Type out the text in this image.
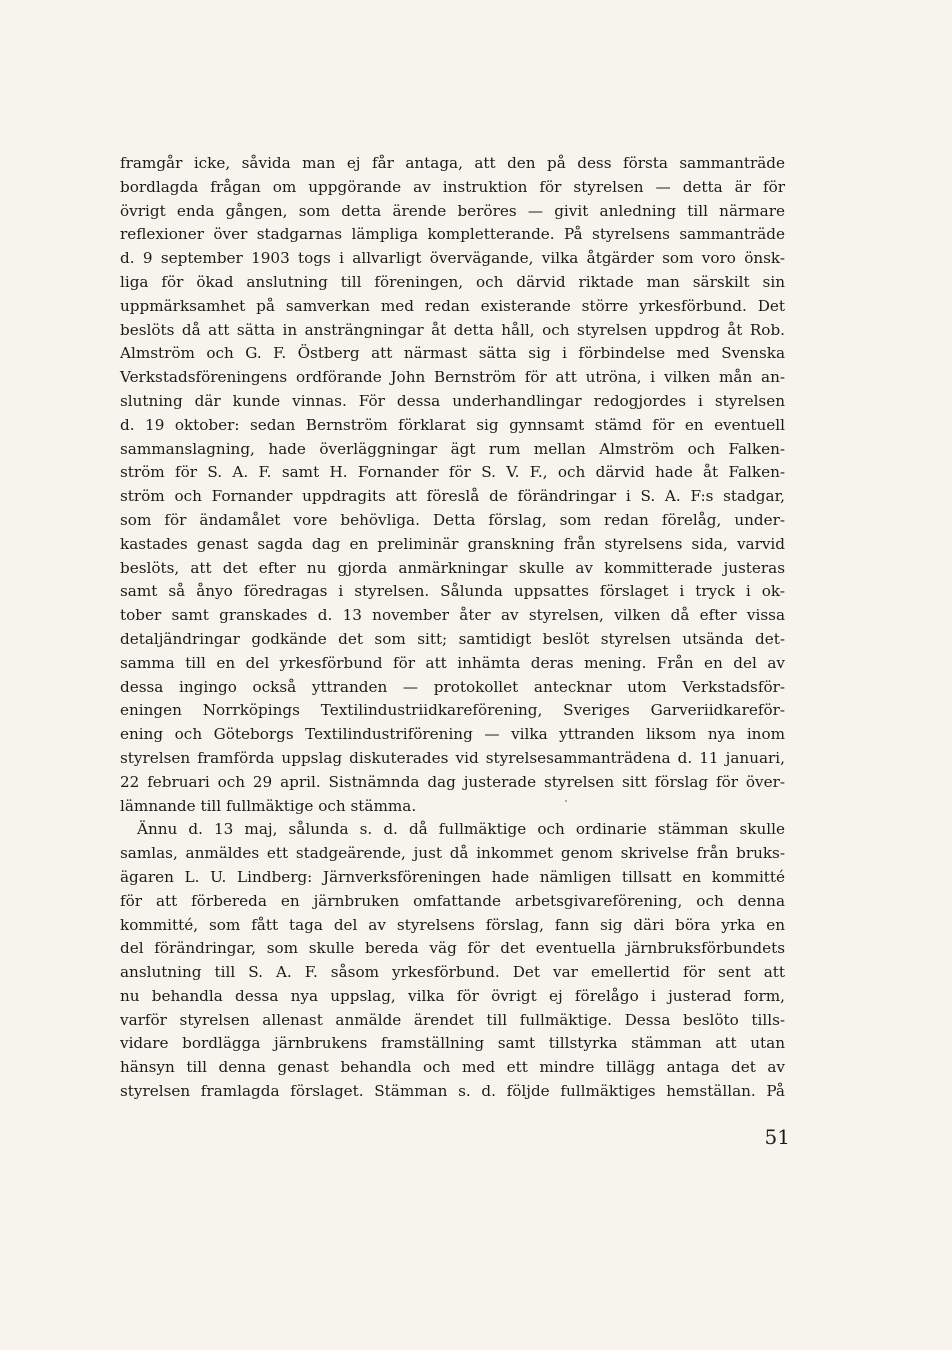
framgår icke, såvida man ej får antaga, att den på dess första sammanträde
bordlagda frågan om uppgörande av instruktion för styrelsen — detta är för
övrigt enda gången, som detta ärende beröres — givit anledning till närmare
reflexioner över stadgarnas lämpliga kompletterande. På styrelsens sammanträde
d. 9 september 1903 togs i allvarligt övervägande, vilka åtgärder som voro önsk-
liga för ökad anslutning till föreningen, och därvid riktade man särskilt sin
uppmärksamhet på samverkan med redan existerande större yrkesförbund. Det
beslöts då att sätta in ansträngningar åt detta håll, och styrelsen uppdrog åt Rob.
Almström och G. F. Östberg att närmast sätta sig i förbindelse med Svenska
Verkstadsföreningens ordförande John Bernström för att utröna, i vilken mån an-
slutning där kunde vinnas. För dessa underhandlingar redogjordes i styrelsen
d. 19 oktober: sedan Bernström förklarat sig gynnsamt stämd för en eventuell
sammanslagning, hade överläggningar ägt rum mellan Almström och Falken-
ström för S. A. F. samt H. Fornander för S. V. F., och därvid hade åt Falken-
ström och Fornander uppdragits att föreslå de förändringar i S. A. F:s stadgar,
som för ändamålet vore behövliga. Detta förslag, som redan förelåg, under-
kastades genast sagda dag en preliminär granskning från styrelsens sida, varvid
beslöts, att det efter nu gjorda anmärkningar skulle av kommitterade justeras
samt så ånyo föredragas i styrelsen. Sålunda uppsattes förslaget i tryck i ok-
tober samt granskades d. 13 november åter av styrelsen, vilken då efter vissa
detaljändringar godkände det som sitt; samtidigt beslöt styrelsen utsända det-
samma till en del yrkesförbund för att inhämta deras mening. Från en del av
dessa ingingo också yttranden — protokollet antecknar utom Verkstadsför-
eningen Norrköpings Textilindustriidkareförening, Sveriges Garveriidkareför-
ening och Göteborgs Textilindustriförening — vilka yttranden liksom nya inom
styrelsen framförda uppslag diskuterades vid styrelsesammanträdena d. 11 januari,
22 februari och 29 april. Sistnämnda dag justerade styrelsen sitt förslag för över-
lämnande till fullmäktige och stämma.
Ännu d. 13 maj, sålunda s. d. då fullmäktige och ordinarie stämman skulle
samlas, anmäldes ett stadgeärende, just då inkommet genom skrivelse från bruks-
ägaren L. U. Lindberg: Järnverksföreningen hade nämligen tillsatt en kommitté
för att förbereda en järnbruken omfattande arbetsgivareförening, och denna
kommitté, som fått taga del av styrelsens förslag, fann sig däri böra yrka en
del förändringar, som skulle bereda väg för det eventuella järnbruksförbundets
anslutning till S. A. F. såsom yrkesförbund. Det var emellertid för sent att
nu behandla dessa nya uppslag, vilka för övrigt ej förelågo i justerad form,
varför styrelsen allenast anmälde ärendet till fullmäktige. Dessa beslöto tills-
vidare bordlägga järnbrukens framställning samt tillstyrka stämman att utan
hänsyn till denna genast behandla och med ett mindre tillägg antaga det av
styrelsen framlagda förslaget. Stämman s. d. följde fullmäktiges hemställan. På
51
